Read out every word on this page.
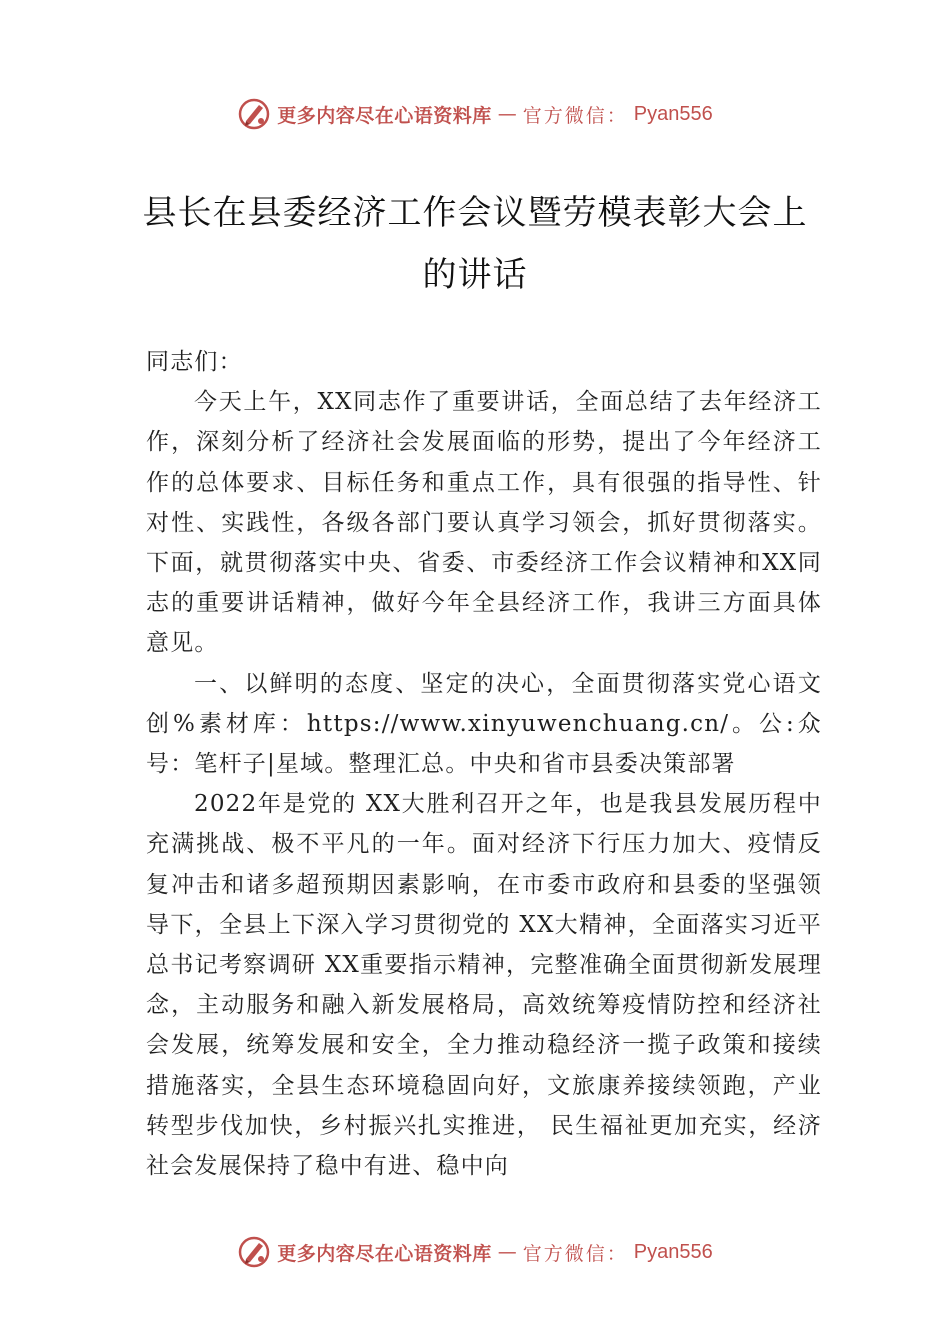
更多内容尽在心语资料库 — 官方微信： Pyan556
县长在县委经济工作会议暨劳模表彰大会上的讲话

同志们：

今天上午，XX同志作了重要讲话，全面总结了去年经济工作，深刻分析了经济社会发展面临的形势，提出了今年经济工作的总体要求、目标任务和重点工作，具有很强的指导性、针对性、实践性，各级各部门要认真学习领会，抓好贯彻落实。下面，就贯彻落实中央、省委、市委经济工作会议精神和XX同志的重要讲话精神，做好今年全县经济工作，我讲三方面具体意见。

一、以鲜明的态度、坚定的决心，全面贯彻落实党心语文创%素材库：https://www.xinyuwenchuang.cn/。公:众号：笔杆子|星域。整理汇总。中央和省市县委决策部署

2022年是党的 XX大胜利召开之年，也是我县发展历程中充满挑战、极不平凡的一年。面对经济下行压力加大、疫情反复冲击和诸多超预期因素影响，在市委市政府和县委的坚强领导下，全县上下深入学习贯彻党的 XX大精神，全面落实习近平总书记考察调研 XX重要指示精神，完整准确全面贯彻新发展理念，主动服务和融入新发展格局，高效统筹疫情防控和经济社会发展，统筹发展和安全，全力推动稳经济一揽子政策和接续措施落实，全县生态环境稳固向好，文旅康养接续领跑，产业转型步伐加快，乡村振兴扎实推进， 民生福祉更加充实，经济社会发展保持了稳中有进、稳中向

更多内容尽在心语资料库 — 官方微信： Pyan556
